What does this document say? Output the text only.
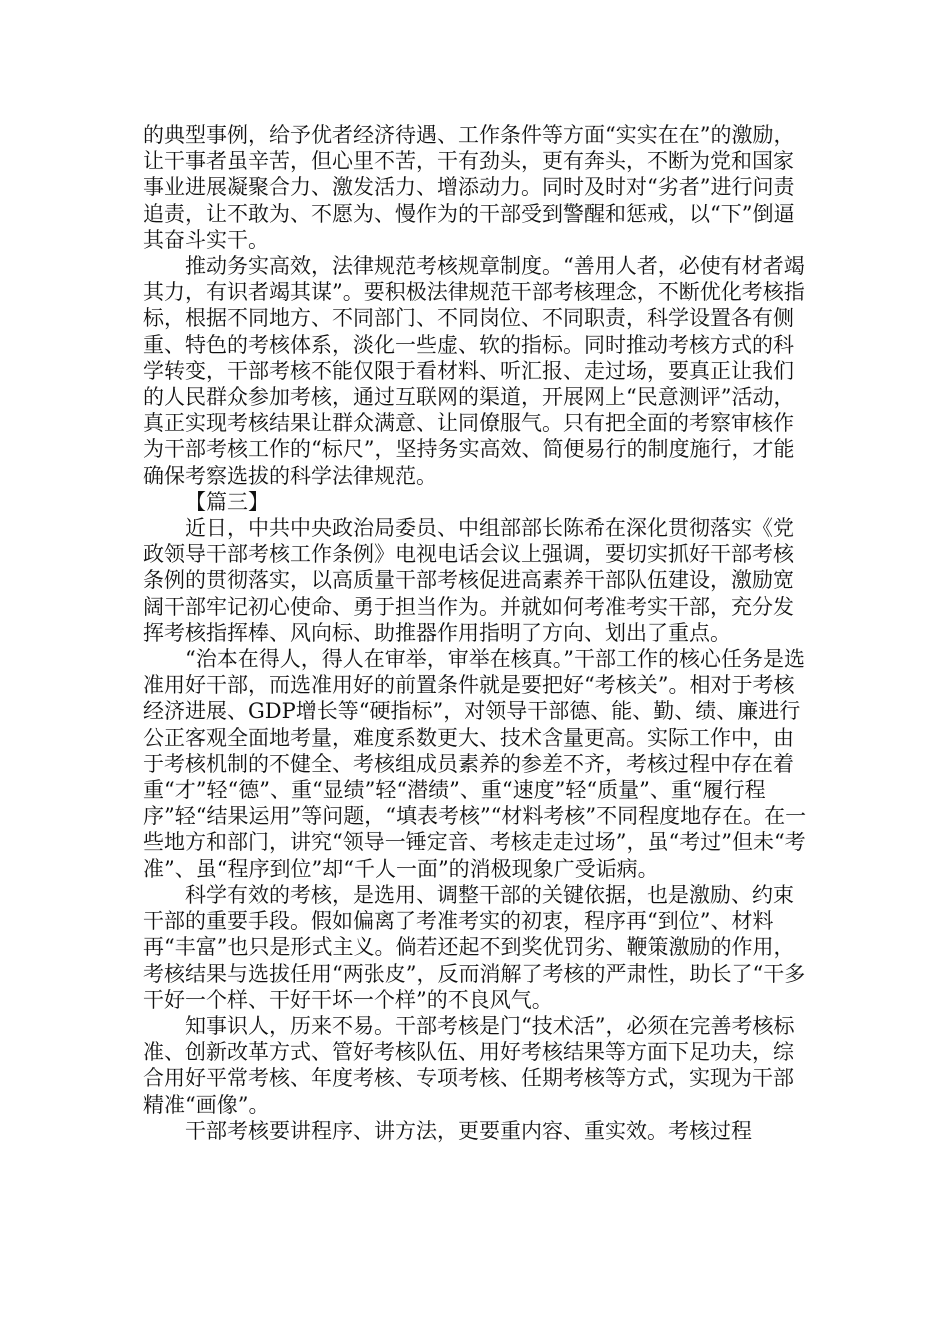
的典型事例，给予优者经济待遇、工作条件等方面“实实在在”的激励，让干事者虽辛苦，但心里不苦，干有劲头，更有奔头，不断为党和国家事业进展凝聚合力、激发活力、增添动力。同时及时对“劣者”进行问责追责，让不敢为、不愿为、慢作为的干部受到警醒和惩戒，以“下”倒逼其奋斗实干。

推动务实高效，法律规范考核规章制度。“善用人者，必使有材者竭其力，有识者竭其谋”。要积极法律规范干部考核理念，不断优化考核指标，根据不同地方、不同部门、不同岗位、不同职责，科学设置各有侧重、特色的考核体系，淡化一些虚、软的指标。同时推动考核方式的科学转变，干部考核不能仅限于看材料、听汇报、走过场，要真正让我们的人民群众参加考核，通过互联网的渠道，开展网上“民意测评”活动，真正实现考核结果让群众满意、让同僚服气。只有把全面的考察审核作为干部考核工作的“标尺”，坚持务实高效、简便易行的制度施行，才能确保考察选拔的科学法律规范。

【篇三】

近日，中共中央政治局委员、中组部部长陈希在深化贯彻落实《党政领导干部考核工作条例》电视电话会议上强调，要切实抓好干部考核条例的贯彻落实，以高质量干部考核促进高素养干部队伍建设，激励宽阔干部牢记初心使命、勇于担当作为。并就如何考准考实干部，充分发挥考核指挥棒、风向标、助推器作用指明了方向、划出了重点。

“治本在得人，得人在审举，审举在核真。”干部工作的核心任务是选准用好干部，而选准用好的前置条件就是要把好“考核关”。相对于考核经济进展、GDP增长等“硬指标”，对领导干部德、能、勤、绩、廉进行公正客观全面地考量，难度系数更大、技术含量更高。实际工作中，由于考核机制的不健全、考核组成员素养的参差不齐，考核过程中存在着重“才”轻“德”、重“显绩”轻“潜绩”、重“速度”轻“质量”、重“履行程序”轻“结果运用”等问题，“填表考核”“材料考核”不同程度地存在。在一些地方和部门，讲究“领导一锤定音、考核走走过场”，虽“考过”但未“考准”、虽“程序到位”却“千人一面”的消极现象广受诟病。

科学有效的考核，是选用、调整干部的关键依据，也是激励、约束干部的重要手段。假如偏离了考准考实的初衷，程序再“到位”、材料再“丰富”也只是形式主义。倘若还起不到奖优罚劣、鞭策激励的作用，考核结果与选拔任用“两张皮”，反而消解了考核的严肃性，助长了“干多干好一个样、干好干坏一个样”的不良风气。

知事识人，历来不易。干部考核是门“技术活”，必须在完善考核标准、创新改革方式、管好考核队伍、用好考核结果等方面下足功夫，综合用好平常考核、年度考核、专项考核、任期考核等方式，实现为干部精准“画像”。

干部考核要讲程序、讲方法，更要重内容、重实效。考核过程
